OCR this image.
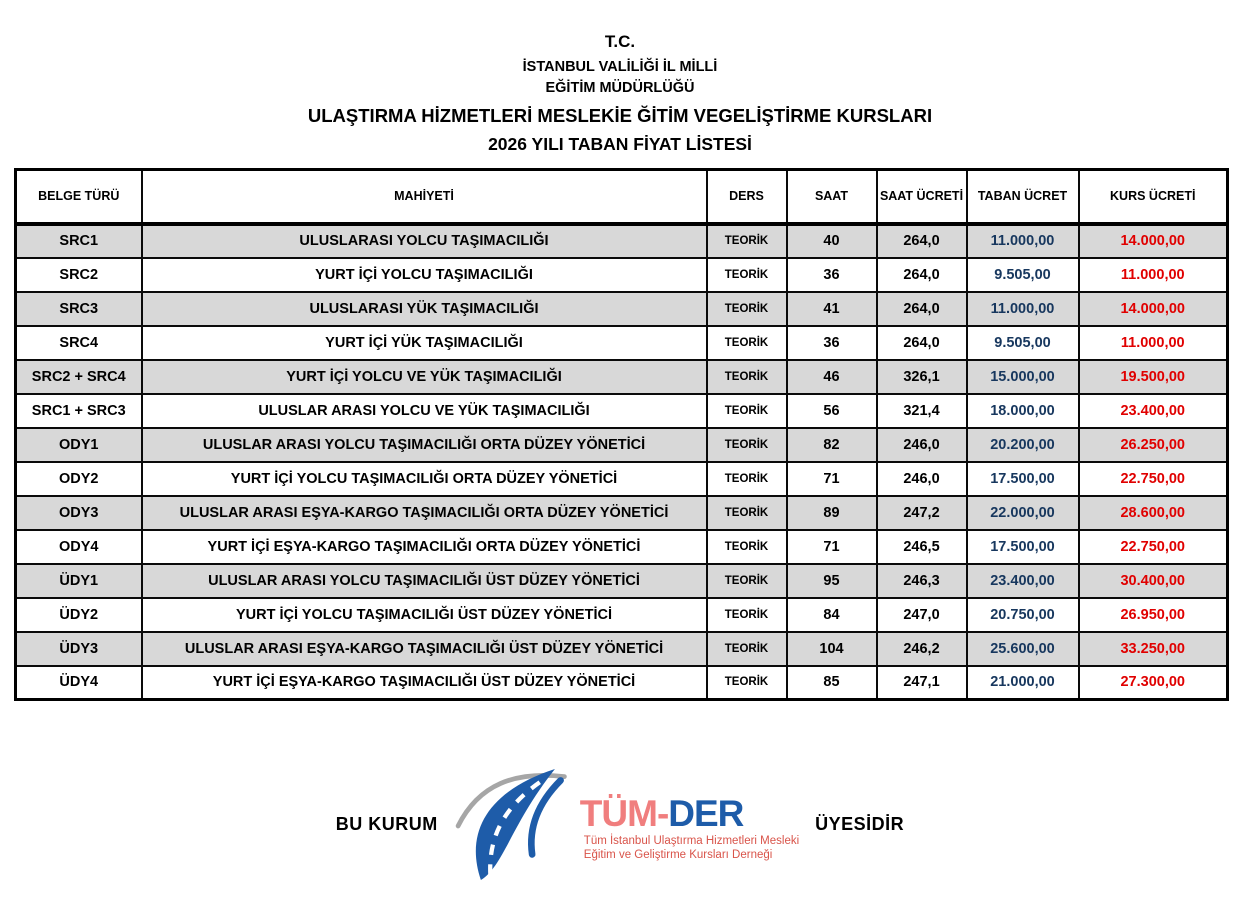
T.C.
İSTANBUL VALİLİĞİ İL MİLLİ
EĞİTİM MÜDÜRLÜĞÜ
ULAŞTIRMA HİZMETLERİ MESLEKİE ĞİTİM VEGELİŞTİRME KURSLARI
2026 YILI TABAN FİYAT LİSTESİ
BELGE TÜRÜ	MAHİYETİ	DERS	SAAT	SAAT ÜCRETİ	TABAN ÜCRET	KURS ÜCRETİ
SRC1	ULUSLARASI YOLCU TAŞIMACILIĞI	TEORİK	40	264,0	11.000,00	14.000,00
SRC2	YURT İÇİ YOLCU TAŞIMACILIĞI	TEORİK	36	264,0	9.505,00	11.000,00
SRC3	ULUSLARASI YÜK TAŞIMACILIĞI	TEORİK	41	264,0	11.000,00	14.000,00
SRC4	YURT İÇİ YÜK TAŞIMACILIĞI	TEORİK	36	264,0	9.505,00	11.000,00
SRC2 + SRC4	YURT İÇİ YOLCU VE YÜK TAŞIMACILIĞI	TEORİK	46	326,1	15.000,00	19.500,00
SRC1 + SRC3	ULUSLAR ARASI YOLCU VE YÜK TAŞIMACILIĞI	TEORİK	56	321,4	18.000,00	23.400,00
ODY1	ULUSLAR ARASI YOLCU TAŞIMACILIĞI ORTA DÜZEY YÖNETİCİ	TEORİK	82	246,0	20.200,00	26.250,00
ODY2	YURT İÇİ YOLCU TAŞIMACILIĞI ORTA DÜZEY YÖNETİCİ	TEORİK	71	246,0	17.500,00	22.750,00
ODY3	ULUSLAR ARASI EŞYA-KARGO TAŞIMACILIĞI ORTA DÜZEY YÖNETİCİ	TEORİK	89	247,2	22.000,00	28.600,00
ODY4	YURT İÇİ EŞYA-KARGO TAŞIMACILIĞI ORTA DÜZEY YÖNETİCİ	TEORİK	71	246,5	17.500,00	22.750,00
ÜDY1	ULUSLAR ARASI YOLCU TAŞIMACILIĞI ÜST DÜZEY YÖNETİCİ	TEORİK	95	246,3	23.400,00	30.400,00
ÜDY2	YURT İÇİ YOLCU TAŞIMACILIĞI ÜST DÜZEY YÖNETİCİ	TEORİK	84	247,0	20.750,00	26.950,00
ÜDY3	ULUSLAR ARASI EŞYA-KARGO TAŞIMACILIĞI ÜST DÜZEY YÖNETİCİ	TEORİK	104	246,2	25.600,00	33.250,00
ÜDY4	YURT İÇİ EŞYA-KARGO TAŞIMACILIĞI ÜST DÜZEY YÖNETİCİ	TEORİK	85	247,1	21.000,00	27.300,00
BU KURUM	TÜM-DER
Tüm İstanbul Ulaştırma Hizmetleri Mesleki
Eğitim ve Geliştirme Kursları Derneği
ÜYESİDİR
